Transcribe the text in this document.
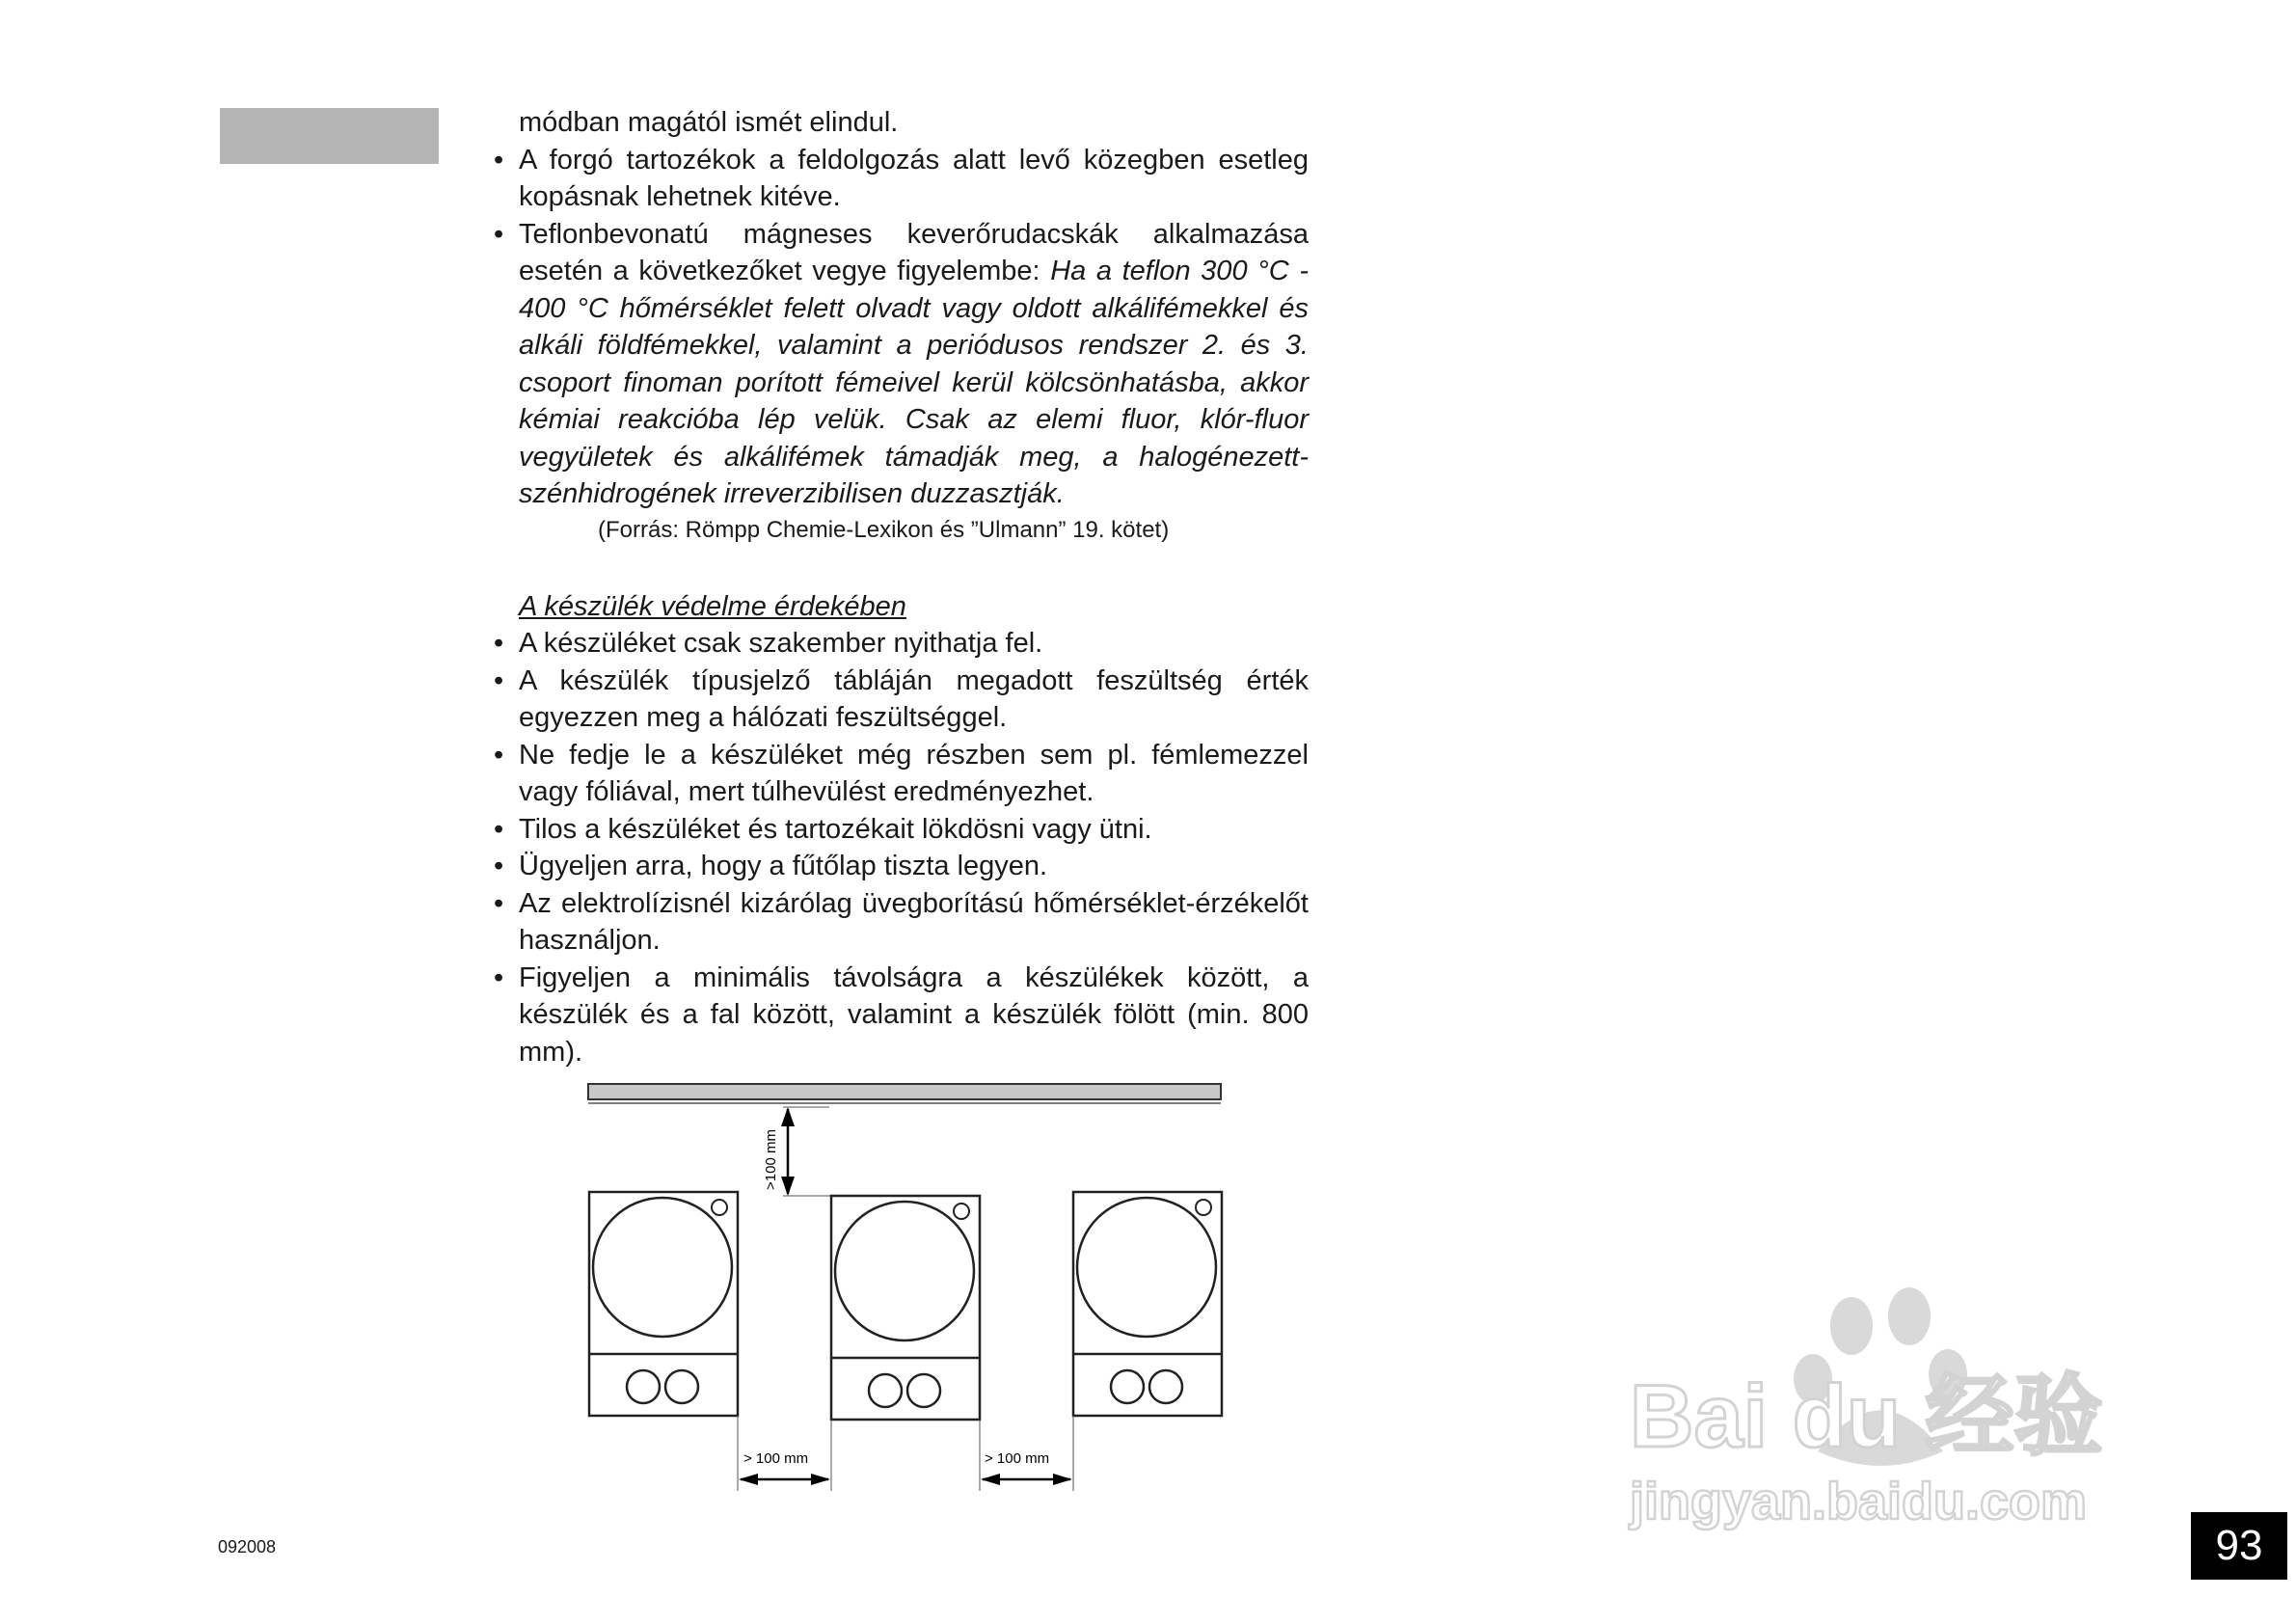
módban magától ismét elindul.

• A forgó tartozékok a feldolgozás alatt levő közegben esetleg kopásnak lehetnek kitéve.

• Teflonbevonatú mágneses keverőrudacskák alkalmazása esetén a következőket vegye figyelembe: Ha a teflon 300 °C - 400 °C hőmérséklet felett olvadt vagy oldott alkálifémekkel és alkáli földfémekkel, valamint a periódusos rendszer 2. és 3. csoport finoman porított fémeivel kerül kölcsönhatásba, akkor kémiai reakcióba lép velük. Csak az elemi fluor, klór-fluor vegyületek és alkálifémek támadják meg, a halogénezett-szénhidrogének irreverzibilisen duzzasztják.

(Forrás: Römpp Chemie-Lexikon és ”Ulmann” 19. kötet)

A készülék védelme érdekében

• A készüléket csak szakember nyithatja fel.

• A készülék típusjelző tábláján megadott feszültség érték egyezzen meg a hálózati feszültséggel.

• Ne fedje le a készüléket még részben sem pl. fémlemezzel vagy fóliával, mert túlhevülést eredményezhet.

• Tilos a készüléket és tartozékait lökdösni vagy ütni.

• Ügyeljen arra, hogy a fűtőlap tiszta legyen.

• Az elektrolízisnél kizárólag üvegborítású hőmérséklet-érzékelőt használjon.

• Figyeljen a minimális távolságra a készülékek között, a készülék és a fal között, valamint a készülék fölött (min. 800 mm).

>100 mm
> 100 mm	> 100 mm
092008	93
Bai du 经验
jingyan.baidu.com
